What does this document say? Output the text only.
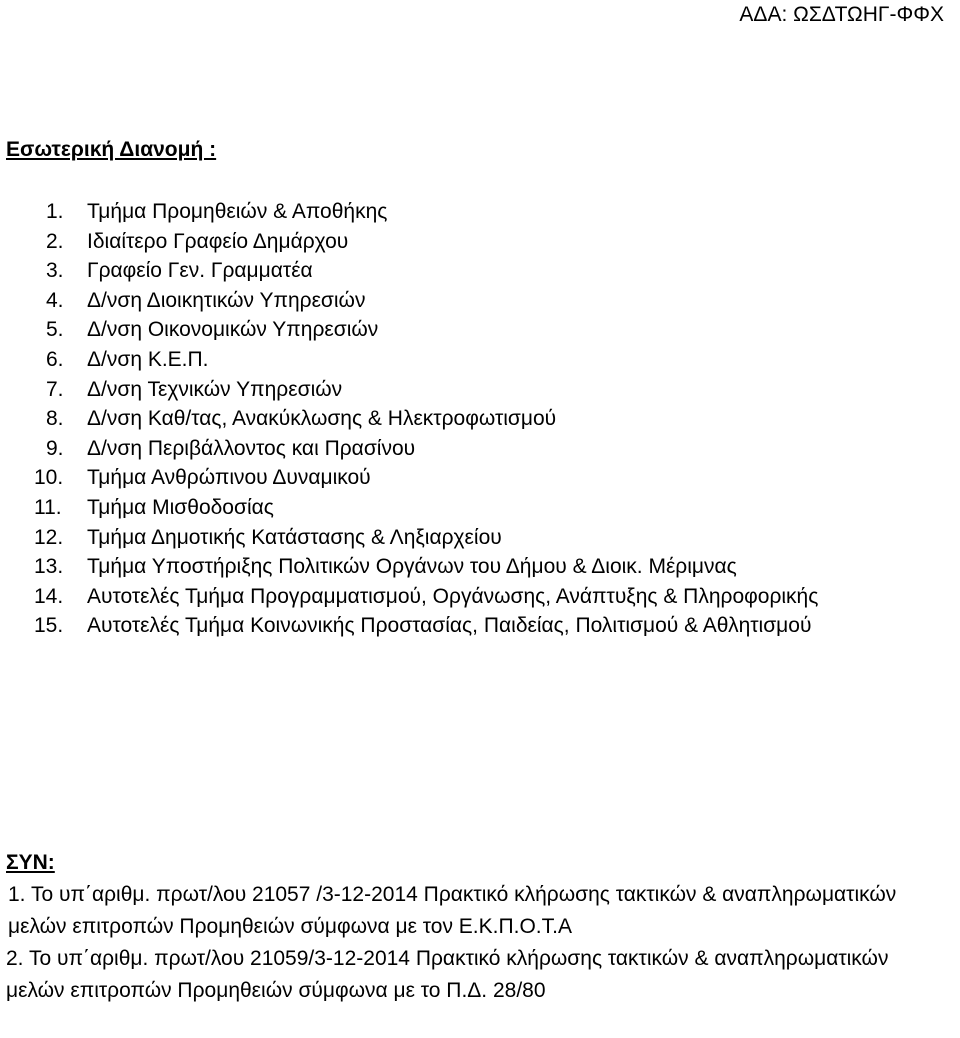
ΑΔΑ: ΩΣΔΤΩΗΓ-ΦΦΧ
Εσωτερική Διανομή :
1. Τμήμα Προμηθειών & Αποθήκης
2. Ιδιαίτερο Γραφείο Δημάρχου
3. Γραφείο Γεν. Γραμματέα
4. Δ/νση Διοικητικών Υπηρεσιών
5. Δ/νση Οικονομικών Υπηρεσιών
6. Δ/νση Κ.Ε.Π.
7. Δ/νση Τεχνικών Υπηρεσιών
8. Δ/νση Καθ/τας, Ανακύκλωσης & Ηλεκτροφωτισμού
9. Δ/νση Περιβάλλοντος και Πρασίνου
10. Τμήμα Ανθρώπινου Δυναμικού
11. Τμήμα Μισθοδοσίας
12. Τμήμα Δημοτικής Κατάστασης & Ληξιαρχείου
13. Τμήμα Υποστήριξης Πολιτικών Οργάνων του Δήμου & Διοικ. Μέριμνας
14. Αυτοτελές Τμήμα Προγραμματισμού, Οργάνωσης, Ανάπτυξης & Πληροφορικής
15. Αυτοτελές Τμήμα Κοινωνικής Προστασίας, Παιδείας, Πολιτισμού & Αθλητισμού
ΣΥΝ:

1. Το υπ΄αριθμ. πρωτ/λου 21057 /3-12-2014 Πρακτικό κλήρωσης τακτικών & αναπληρωματικών μελών επιτροπών Προμηθειών σύμφωνα με τον Ε.Κ.Π.Ο.Τ.Α

2. Το υπ΄αριθμ. πρωτ/λου 21059/3-12-2014 Πρακτικό κλήρωσης τακτικών & αναπληρωματικών μελών επιτροπών Προμηθειών σύμφωνα με το Π.Δ. 28/80
